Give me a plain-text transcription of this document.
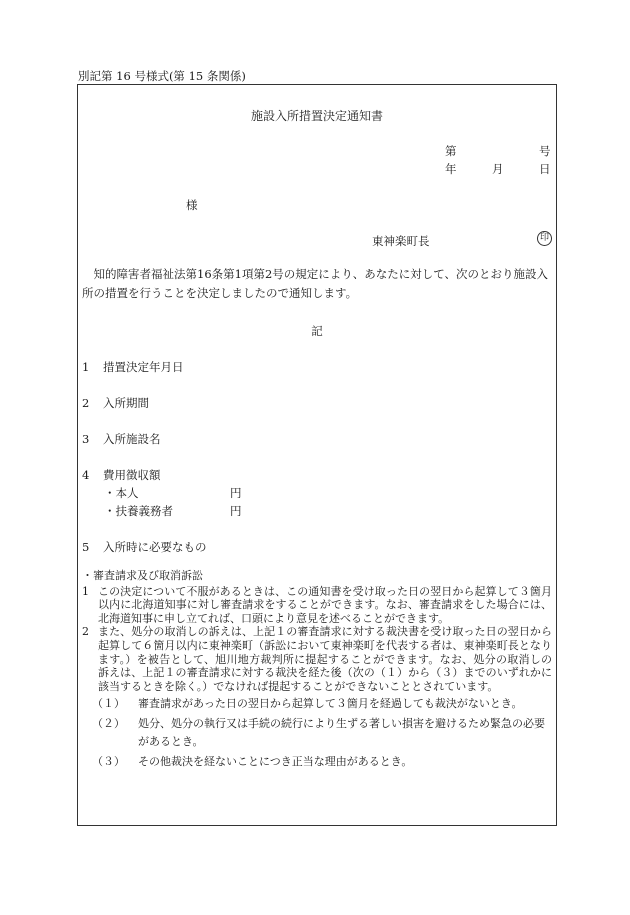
別記第 16 号様式(第 15 条関係)
施設入所措置決定通知書
第	号
年	月	日
様
東神楽町長	印
知的障害者福祉法第16条第1項第2号の規定により、あなたに対して、次のとおり施設入所の措置を行うことを決定しましたので通知します。
記
1 措置決定年月日
2 入所期間
3 入所施設名
4 費用徴収額
・本人	円
・扶養義務者	円
5 入所時に必要なもの
・審査請求及び取消訴訟
1 この決定について不服があるときは、この通知書を受け取った日の翌日から起算して３箇月以内に北海道知事に対し審査請求をすることができます。なお、審査請求をした場合には、北海道知事に申し立てれば、口頭により意見を述べることができます。
2 また、処分の取消しの訴えは、上記１の審査請求に対する裁決書を受け取った日の翌日から起算して６箇月以内に東神楽町（訴訟において東神楽町を代表する者は、東神楽町長となります。）を被告として、旭川地方裁判所に提起することができます。なお、処分の取消しの訴えは、上記１の審査請求に対する裁決を経た後（次の（１）から（３）までのいずれかに該当するときを除く。）でなければ提起することができないこととされています。
（１）	審査請求があった日の翌日から起算して３箇月を経過しても裁決がないとき。
（２）	処分、処分の執行又は手続の続行により生ずる著しい損害を避けるため緊急の必要があるとき。
（３）	その他裁決を経ないことにつき正当な理由があるとき。
